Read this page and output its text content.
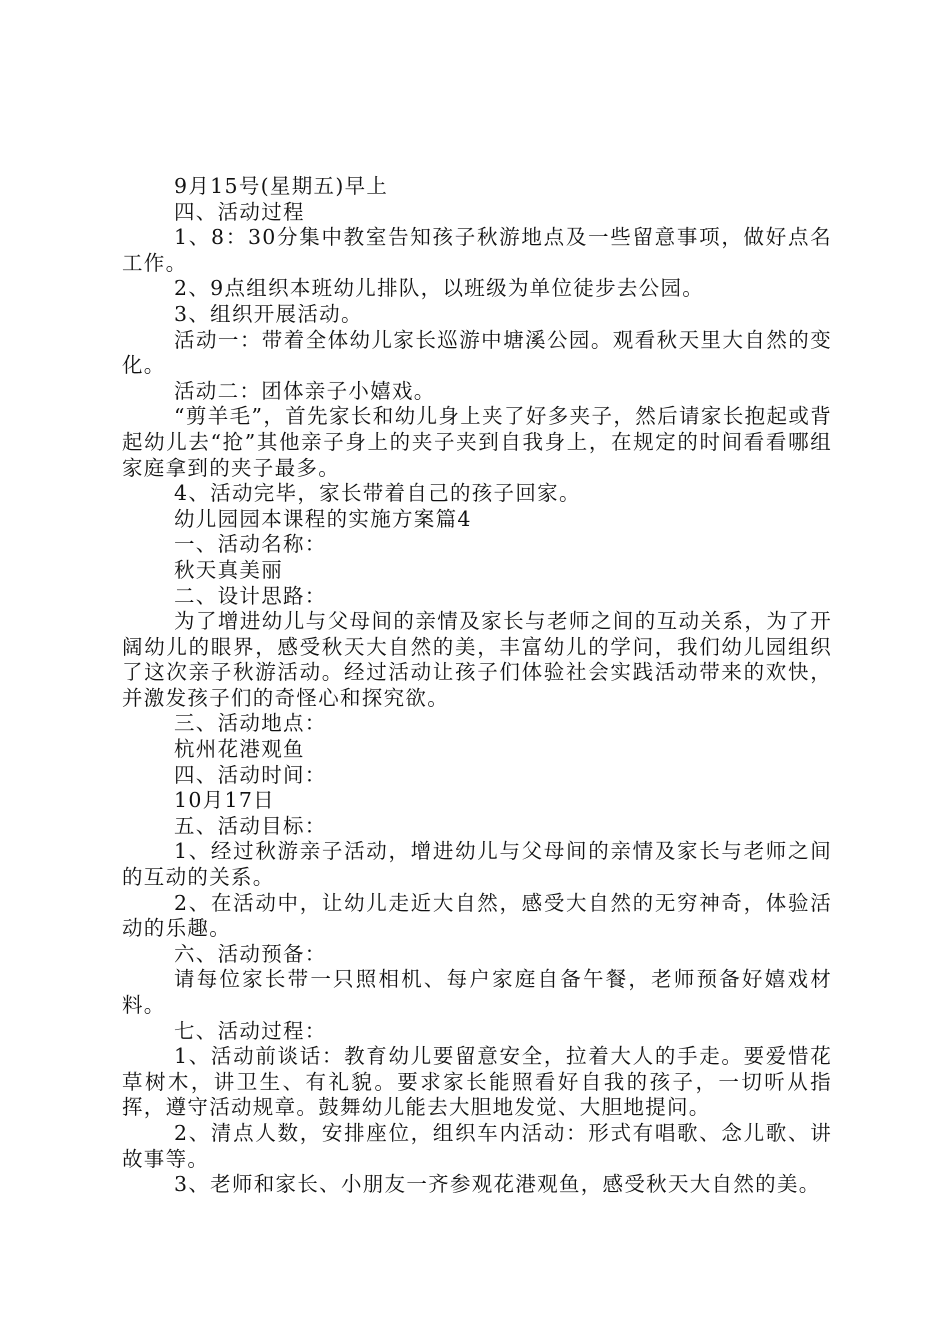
9月15号(星期五)早上

四、活动过程

1、8：30分集中教室告知孩子秋游地点及一些留意事项，做好点名工作。

2、9点组织本班幼儿排队，以班级为单位徒步去公园。

3、组织开展活动。

活动一：带着全体幼儿家长巡游中塘溪公园。观看秋天里大自然的变化。

活动二：团体亲子小嬉戏。

“剪羊毛”，首先家长和幼儿身上夹了好多夹子，然后请家长抱起或背起幼儿去“抢”其他亲子身上的夹子夹到自我身上，在规定的时间看看哪组家庭拿到的夹子最多。

4、活动完毕，家长带着自己的孩子回家。

幼儿园园本课程的实施方案篇4

一、活动名称：

秋天真美丽

二、设计思路：

为了增进幼儿与父母间的亲情及家长与老师之间的互动关系，为了开阔幼儿的眼界，感受秋天大自然的美，丰富幼儿的学问，我们幼儿园组织了这次亲子秋游活动。经过活动让孩子们体验社会实践活动带来的欢快，并激发孩子们的奇怪心和探究欲。

三、活动地点：

杭州花港观鱼

四、活动时间：

10月17日

五、活动目标：

1、经过秋游亲子活动，增进幼儿与父母间的亲情及家长与老师之间的互动的关系。

2、在活动中，让幼儿走近大自然，感受大自然的无穷神奇，体验活动的乐趣。

六、活动预备：

请每位家长带一只照相机、每户家庭自备午餐，老师预备好嬉戏材料。

七、活动过程：

1、活动前谈话：教育幼儿要留意安全，拉着大人的手走。要爱惜花草树木，讲卫生、有礼貌。要求家长能照看好自我的孩子，一切听从指挥，遵守活动规章。鼓舞幼儿能去大胆地发觉、大胆地提问。

2、清点人数，安排座位，组织车内活动：形式有唱歌、念儿歌、讲故事等。

3、老师和家长、小朋友一齐参观花港观鱼，感受秋天大自然的美。
